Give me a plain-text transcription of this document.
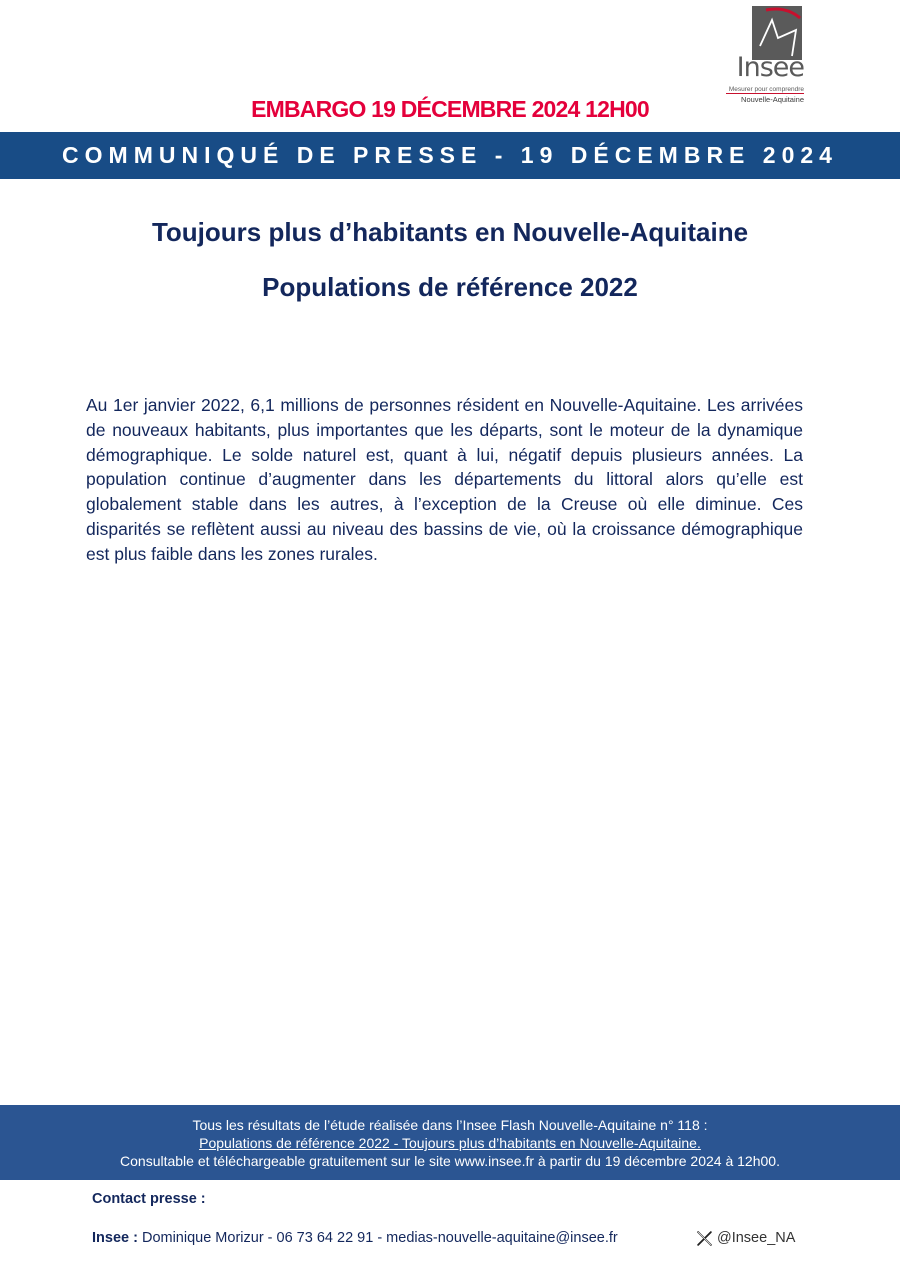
Insee
Mesurer pour comprendre
Nouvelle-Aquitaine
EMBARGO 19 DÉCEMBRE 2024 12H00
COMMUNIQUÉ DE PRESSE - 19 DÉCEMBRE 2024
Toujours plus d’habitants en Nouvelle-Aquitaine
Populations de référence 2022

Au 1er janvier 2022, 6,1 millions de personnes résident en Nouvelle-Aquitaine. Les arrivées de nouveaux habitants, plus importantes que les départs, sont le moteur de la dynamique démographique. Le solde naturel est, quant à lui, négatif depuis plusieurs années. La population continue d’augmenter dans les départements du littoral alors qu’elle est globalement stable dans les autres, à l’exception de la Creuse où elle diminue. Ces disparités se reflètent aussi au niveau des bassins de vie, où la croissance démographique est plus faible dans les zones rurales.

Tous les résultats de l’étude réalisée dans l’Insee Flash Nouvelle-Aquitaine n° 118 :
Populations de référence 2022 - Toujours plus d’habitants en Nouvelle-Aquitaine.
Consultable et téléchargeable gratuitement sur le site www.insee.fr à partir du 19 décembre 2024 à 12h00.
Contact presse :
Insee : Dominique Morizur - 06 73 64 22 91 - medias-nouvelle-aquitaine@insee.fr	@Insee_NA
